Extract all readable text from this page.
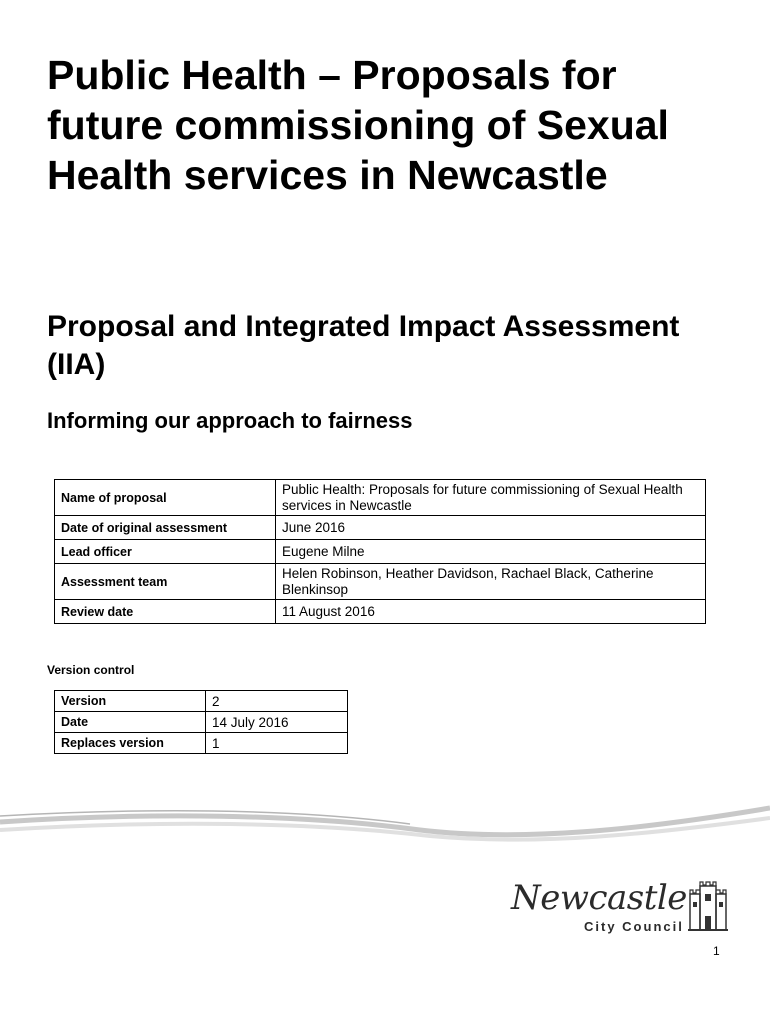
Public Health – Proposals for future commissioning of Sexual Health services in Newcastle
Proposal and Integrated Impact Assessment (IIA)
Informing our approach to fairness
Name of proposal	Public Health: Proposals for future commissioning of Sexual Health services in Newcastle
Date of original assessment	June 2016
Lead officer	Eugene Milne
Assessment team	Helen Robinson, Heather Davidson, Rachael Black, Catherine Blenkinsop
Review date	11 August 2016
Version control
Version	2
Date	14 July 2016
Replaces version	1
Newcastle
City Council
1
